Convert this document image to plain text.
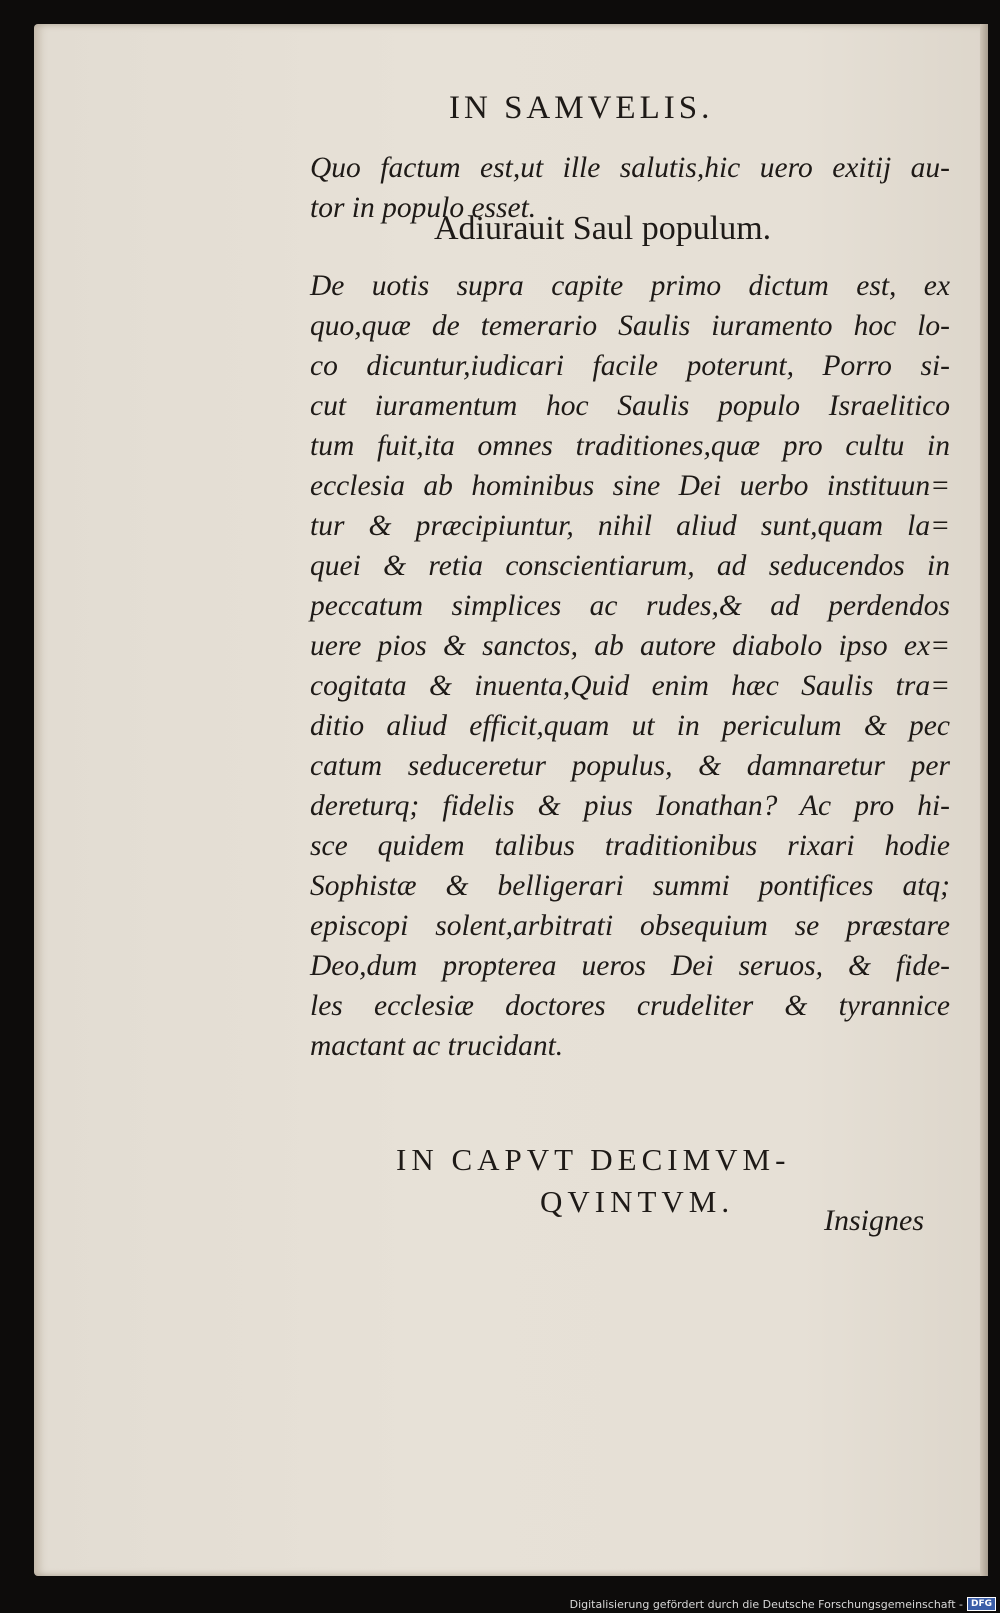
IN SAMVELIS.
Quo factum est,ut ille salutis,hic uero exitij au-
tor in populo esset.
Adiurauit Saul populum.
De uotis supra capite primo dictum est, ex
quo,quæ de temerario Saulis iuramento hoc lo-
co dicuntur,iudicari facile poterunt, Porro si-
cut iuramentum hoc Saulis populo Israelitico
tum fuit,ita omnes traditiones,quæ pro cultu in
ecclesia ab hominibus sine Dei uerbo instituun=
tur & præcipiuntur, nihil aliud sunt,quam la=
quei & retia conscientiarum, ad seducendos in
peccatum simplices ac rudes,& ad perdendos
uere pios & sanctos, ab autore diabolo ipso ex=
cogitata & inuenta,Quid enim hæc Saulis tra=
ditio aliud efficit,quam ut in periculum & pec
catum seduceretur populus, & damnaretur per
dereturq; fidelis & pius Ionathan? Ac pro hi-
sce quidem talibus traditionibus rixari hodie
Sophistæ & belligerari summi pontifices atq;
episcopi solent,arbitrati obsequium se præstare
Deo,dum propterea ueros Dei seruos, & fide-
les ecclesiæ doctores crudeliter & tyrannice
mactant ac trucidant.
IN CAPVT DECIMVM-
QVINTVM.
Insignes
Digitalisierung gefördert durch die Deutsche Forschungsgemeinschaft - DFG
